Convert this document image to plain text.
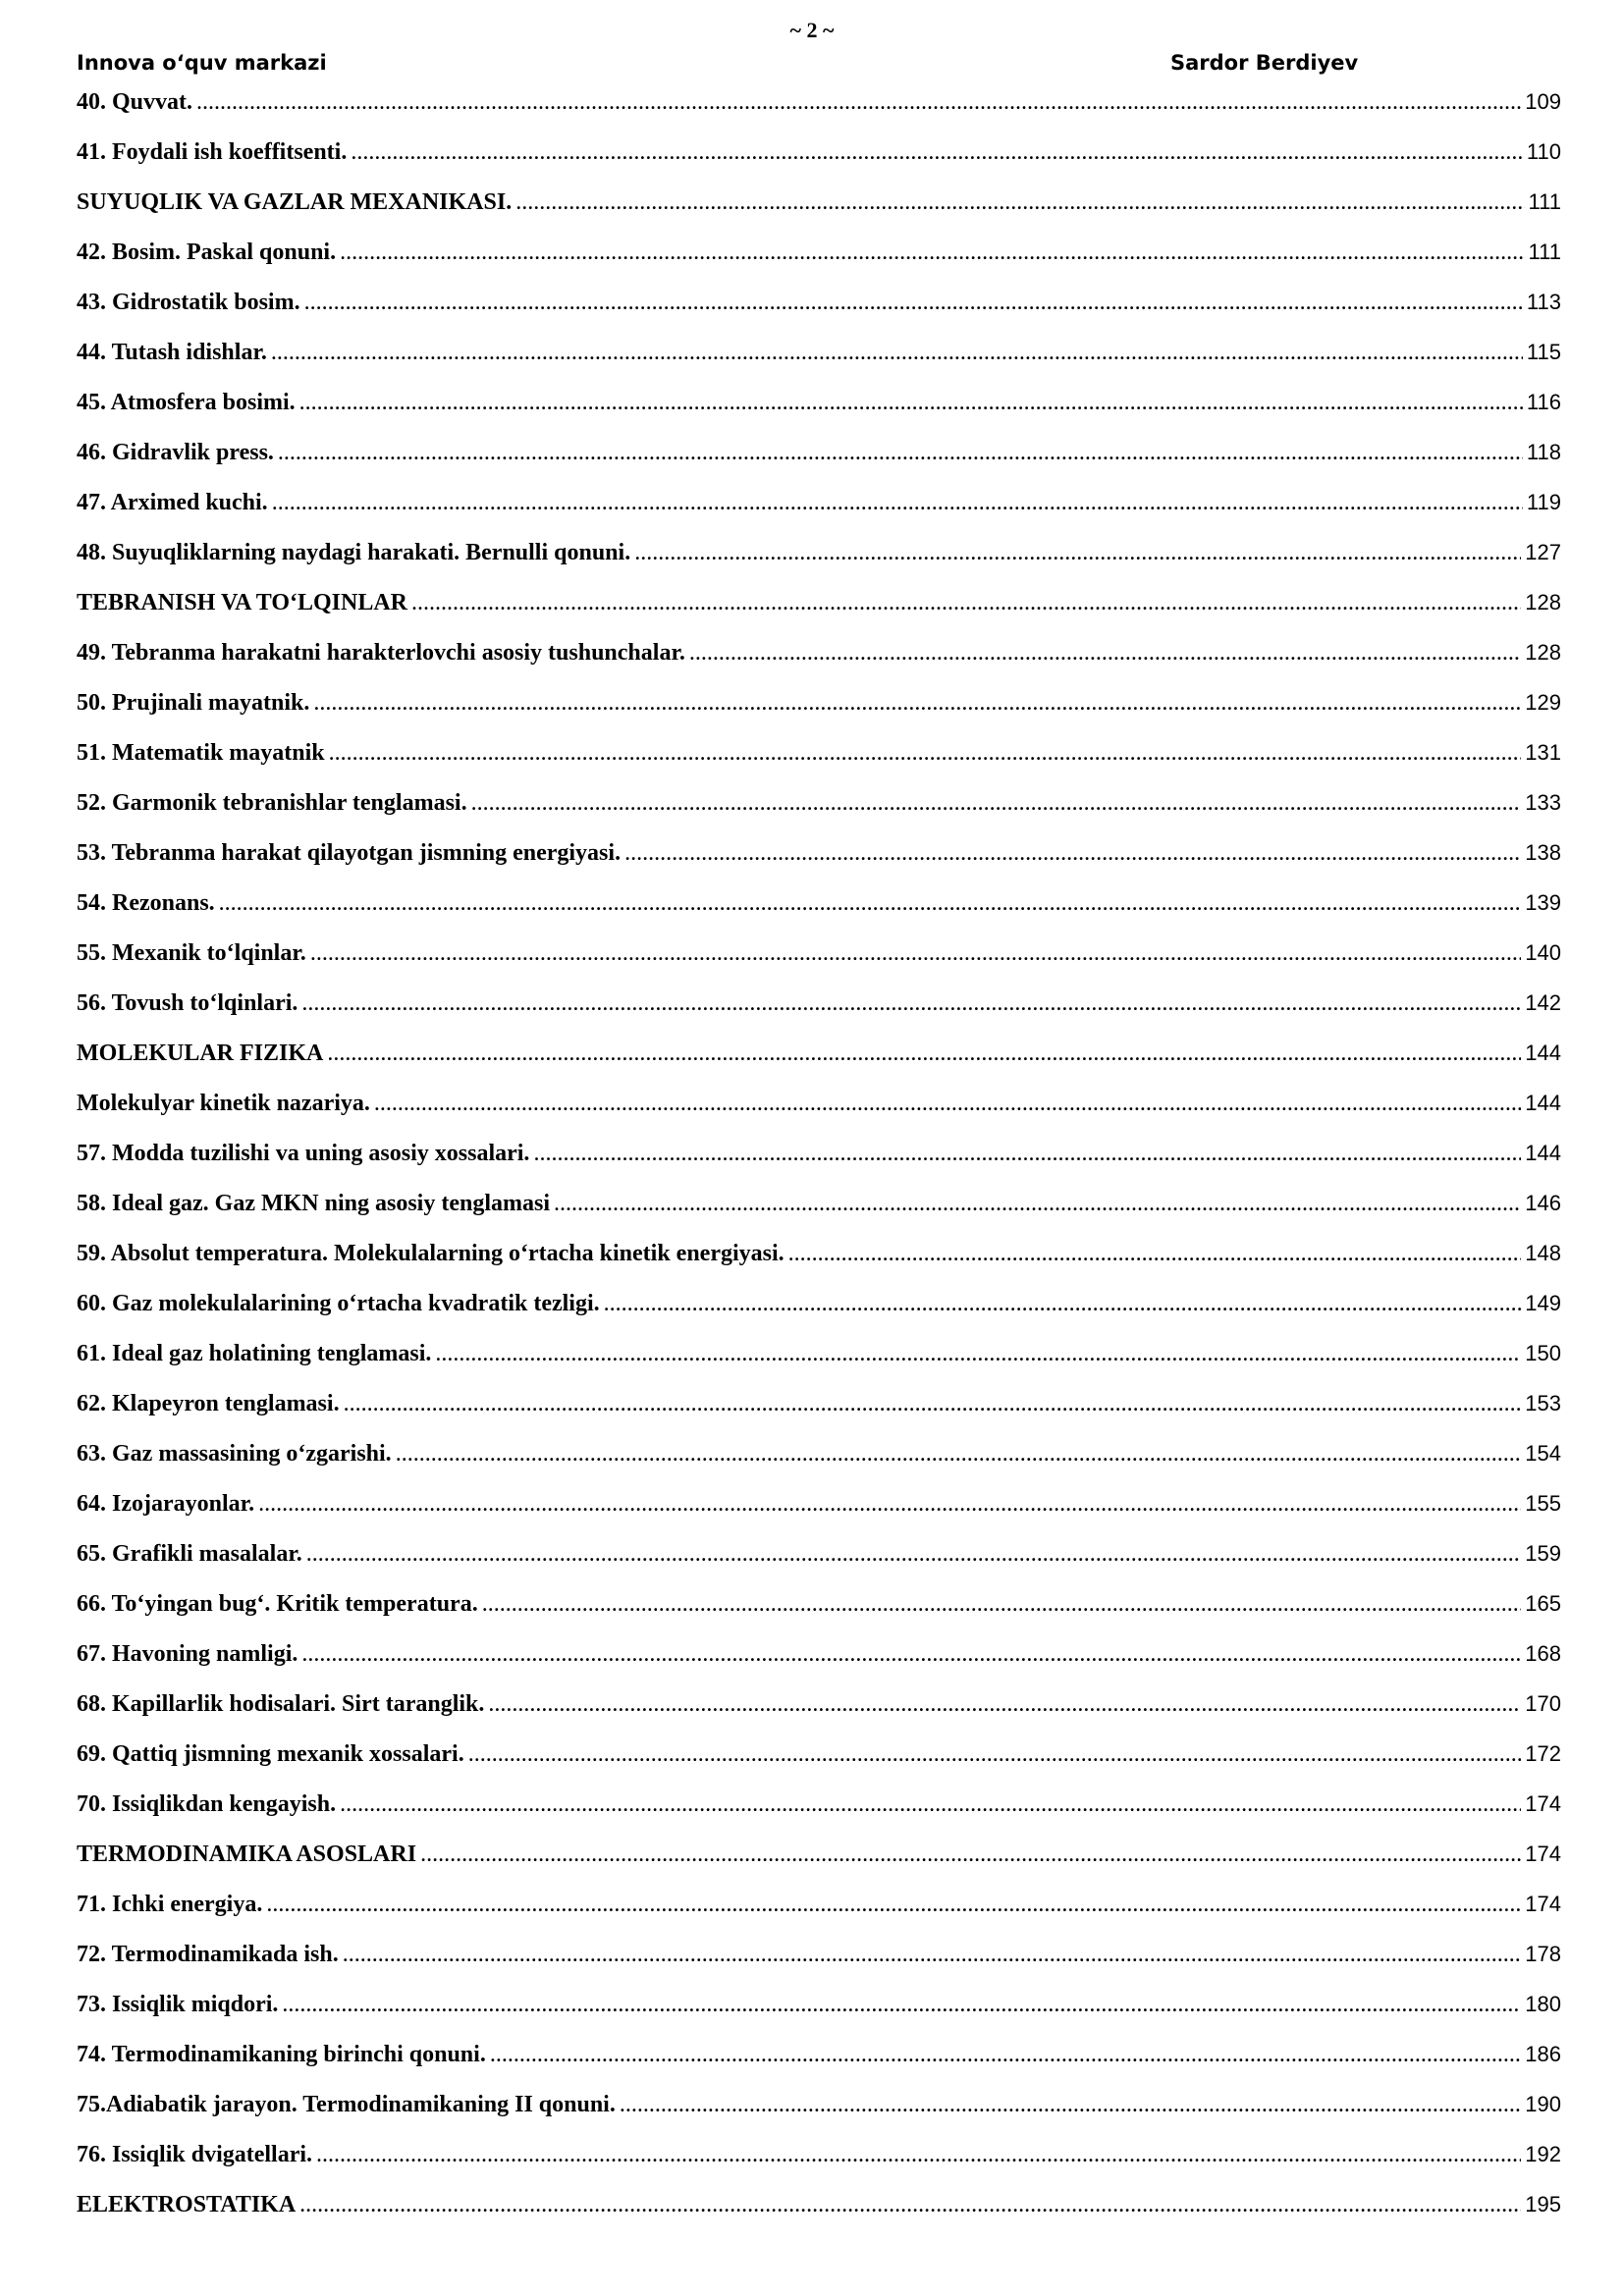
~ 2 ~
Innova o‘quv markazi	Sardor Berdiyev
40. Quvvat. .....	109
41. Foydali ish koeffitsenti. .....	110
SUYUQLIK VA GAZLAR MEXANIKASI. .....	111
42. Bosim. Paskal qonuni. .....	111
43. Gidrostatik bosim. .....	113
44. Tutash idishlar. .....	115
45. Atmosfera bosimi. .....	116
46. Gidravlik press. .....	118
47. Arximed kuchi. .....	119
48. Suyuqliklarning naydagi harakati. Bernulli qonuni. .....	127
TEBRANISH VA TO‘LQINLAR .....	128
49. Tebranma harakatni harakterlovchi asosiy tushunchalar. .....	128
50. Prujinali mayatnik. .....	129
51. Matematik mayatnik .....	131
52. Garmonik tebranishlar tenglamasi. .....	133
53. Tebranma harakat qilayotgan jismning energiyasi. .....	138
54. Rezonans. .....	139
55. Mexanik to‘lqinlar. .....	140
56. Tovush to‘lqinlari. .....	142
MOLEKULAR FIZIKA .....	144
Molekulyar kinetik nazariya. .....	144
57. Modda tuzilishi va uning asosiy xossalari. .....	144
58. Ideal gaz. Gaz MKN ning asosiy tenglamasi .....	146
59. Absolut temperatura. Molekulalarning o‘rtacha kinetik energiyasi. .....	148
60. Gaz molekulalarining o‘rtacha kvadratik tezligi. .....	149
61. Ideal gaz holatining tenglamasi. .....	150
62. Klapeyron tenglamasi. .....	153
63. Gaz massasining o‘zgarishi. .....	154
64. Izojarayonlar. .....	155
65. Grafikli masalalar. .....	159
66. To‘yingan bug‘. Kritik temperatura. .....	165
67. Havoning namligi. .....	168
68. Kapillarlik hodisalari. Sirt taranglik. .....	170
69. Qattiq jismning mexanik xossalari. .....	172
70. Issiqlikdan kengayish. .....	174
TERMODINAMIKA ASOSLARI .....	174
71. Ichki energiya. .....	174
72. Termodinamikada ish. .....	178
73. Issiqlik miqdori. .....	180
74. Termodinamikaning birinchi qonuni. .....	186
75.Adiabatik jarayon. Termodinamikaning II qonuni. .....	190
76. Issiqlik dvigatellari. .....	192
ELEKTROSTATIKA .....	195
